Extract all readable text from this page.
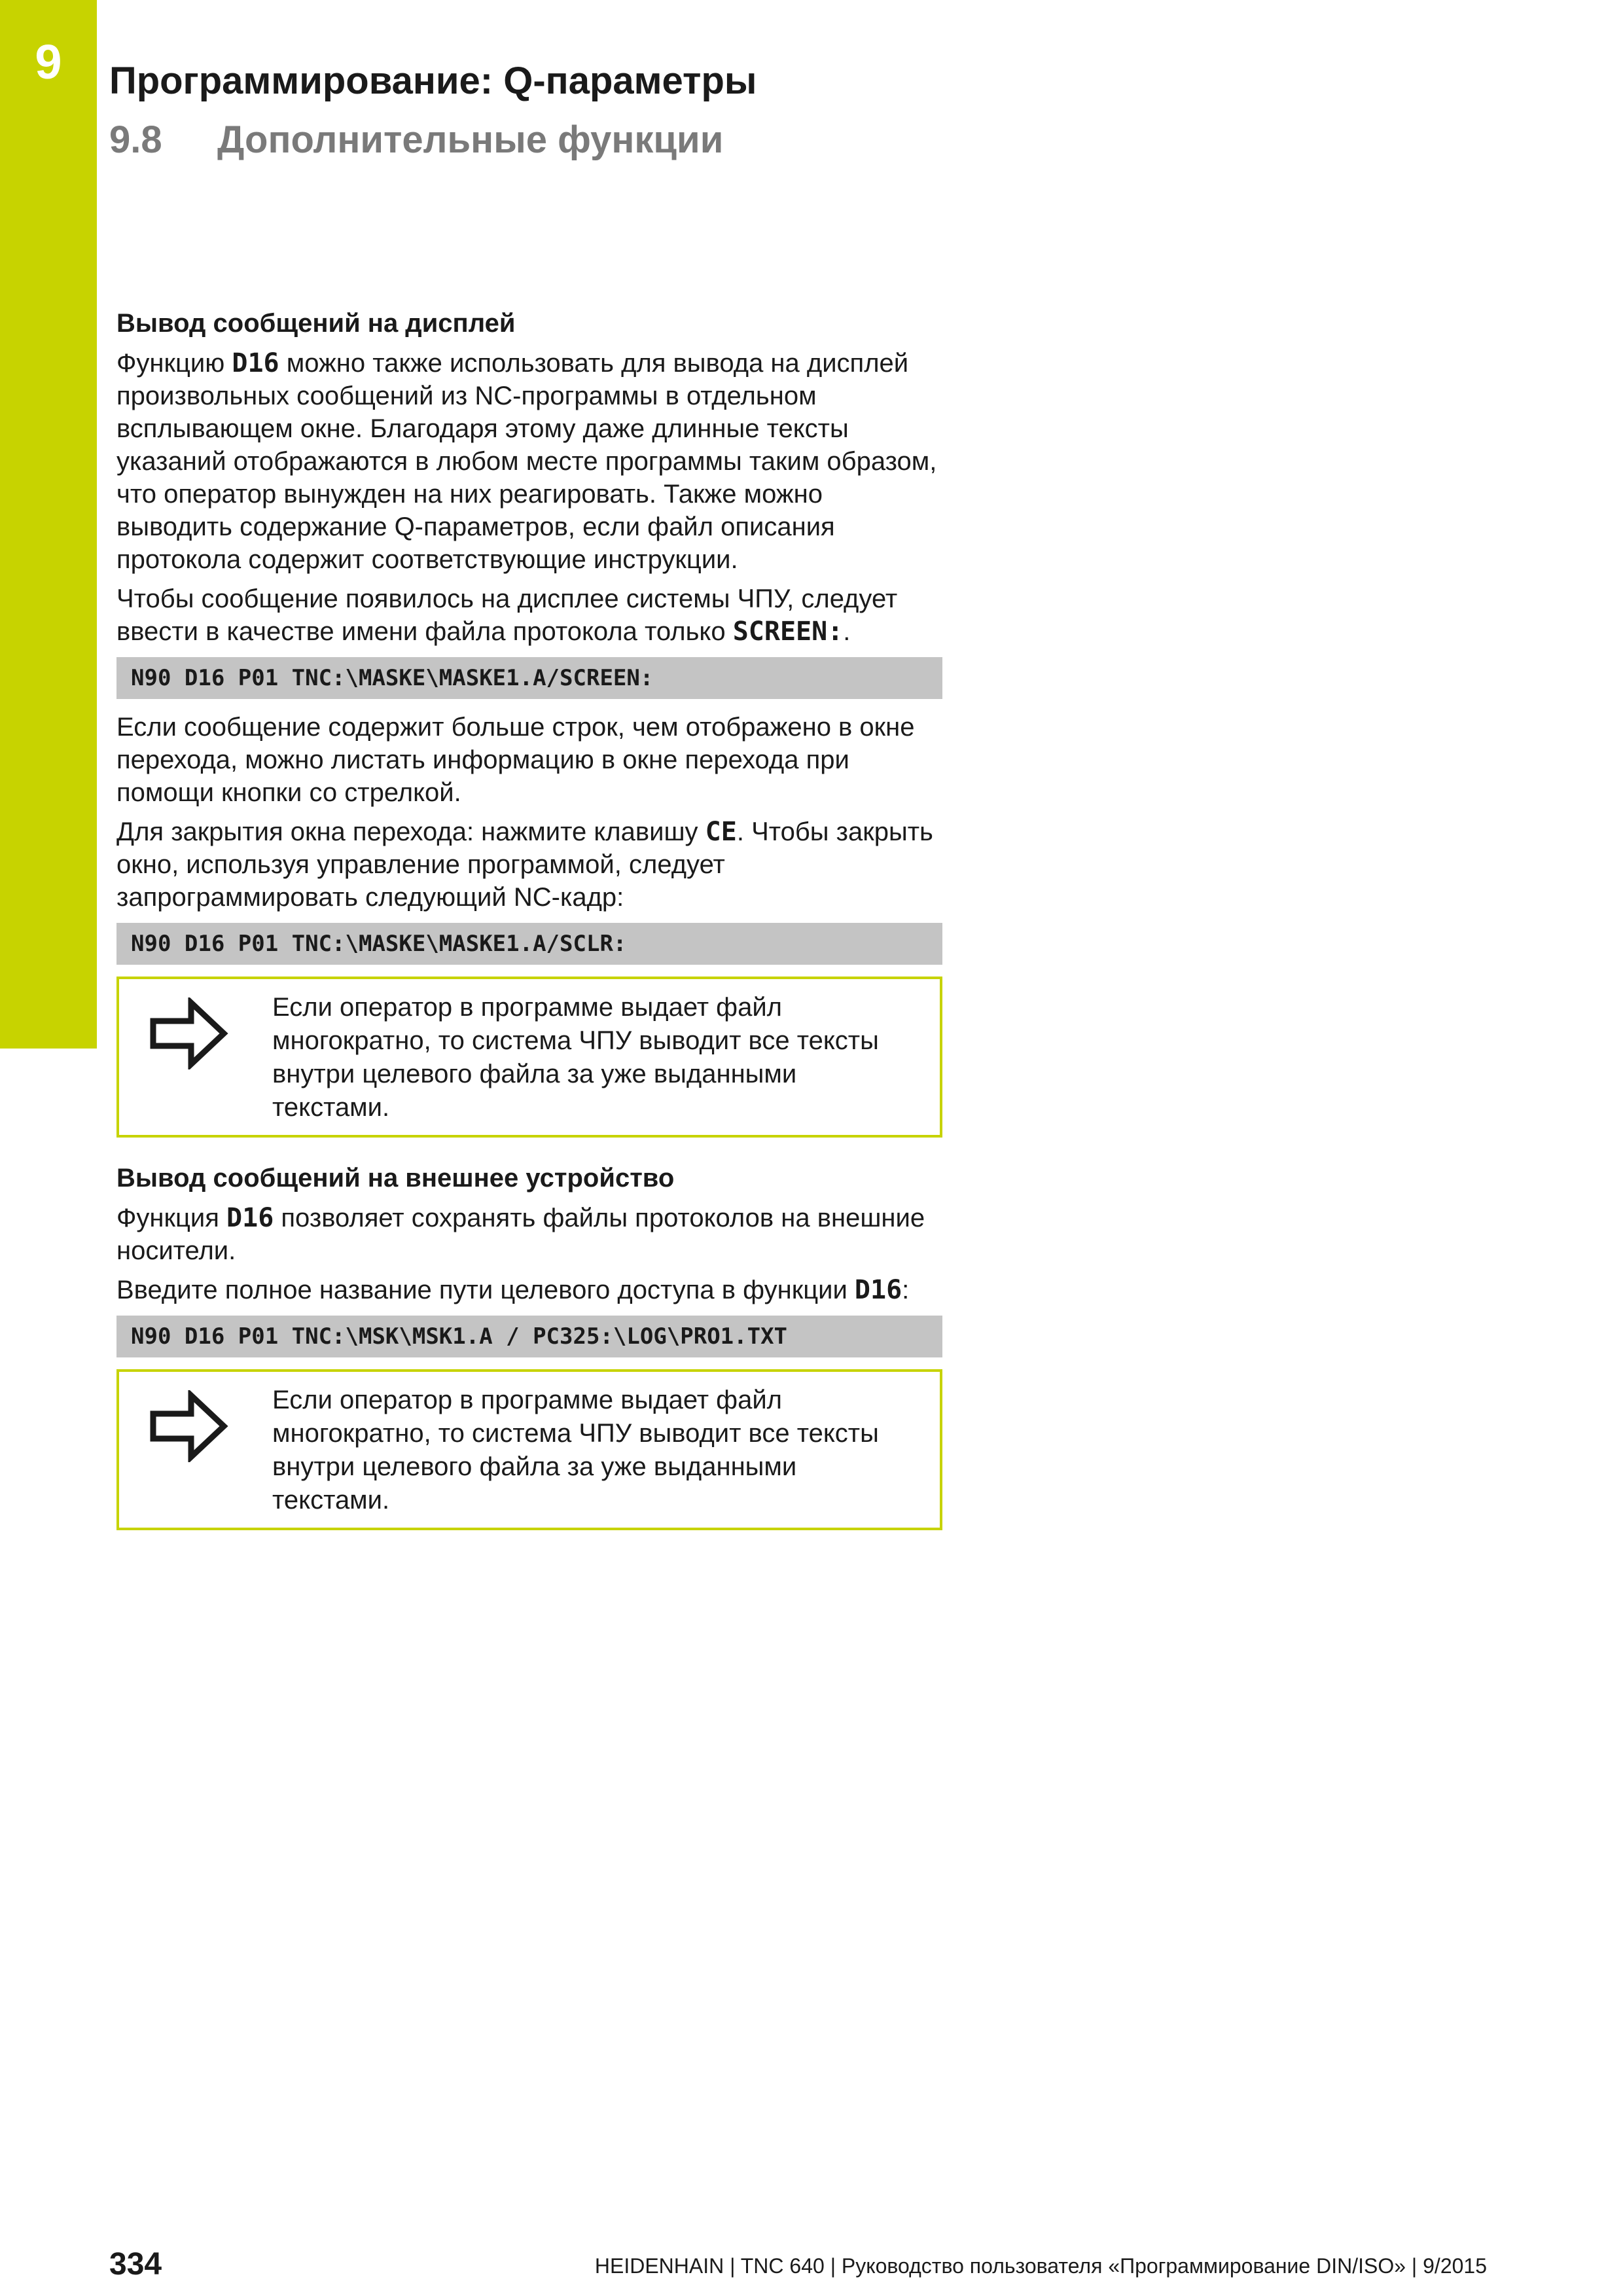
9	Программирование: Q-параметры
9.8 Дополнительные функции
Вывод сообщений на дисплей

Функцию D16 можно также использовать для вывода на дисплей произвольных сообщений из NC-программы в отдельном всплывающем окне. Благодаря этому даже длинные тексты указаний отображаются в любом месте программы таким образом, что оператор вынужден на них реагировать. Также можно выводить содержание Q-параметров, если файл описания протокола содержит соответствующие инструкции.

Чтобы сообщение появилось на дисплее системы ЧПУ, следует ввести в качестве имени файла протокола только SCREEN:.

N90 D16 P01 TNC:\MASKE\MASKE1.A/SCREEN:

Если сообщение содержит больше строк, чем отображено в окне перехода, можно листать информацию в окне перехода при помощи кнопки со стрелкой.

Для закрытия окна перехода: нажмите клавишу CE. Чтобы закрыть окно, используя управление программой, следует запрограммировать следующий NC-кадр:

N90 D16 P01 TNC:\MASKE\MASKE1.A/SCLR:

Если оператор в программе выдает файл многократно, то система ЧПУ выводит все тексты внутри целевого файла за уже выданными текстами.

Вывод сообщений на внешнее устройство

Функция D16 позволяет сохранять файлы протоколов на внешние носители.

Введите полное название пути целевого доступа в функции D16:

N90 D16 P01 TNC:\MSK\MSK1.A / PC325:\LOG\PRO1.TXT

Если оператор в программе выдает файл многократно, то система ЧПУ выводит все тексты внутри целевого файла за уже выданными текстами.

334	HEIDENHAIN | TNC 640 | Руководство пользователя «Программирование DIN/ISO» | 9/2015
